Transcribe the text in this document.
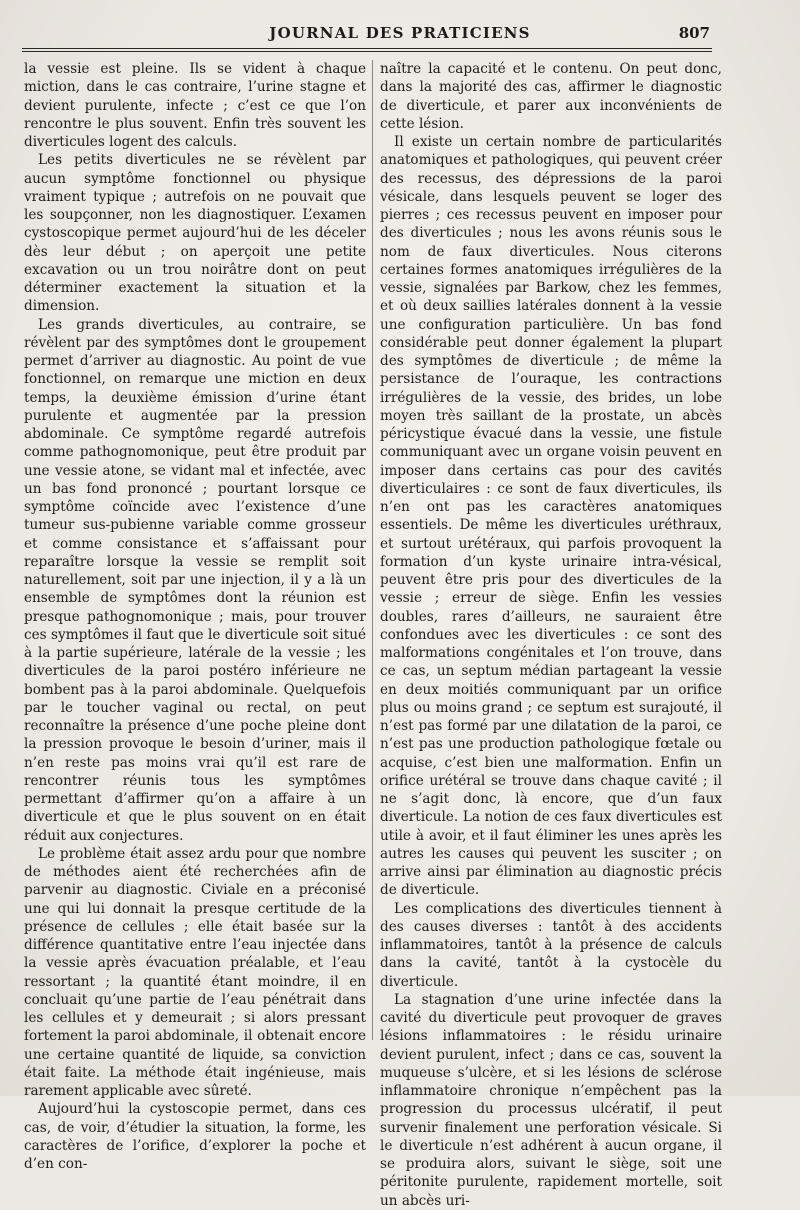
JOURNAL DES PRATICIENS	807

la vessie est pleine. Ils se vident à chaque miction, dans le cas contraire, l’urine stagne et devient purulente, infecte ; c’est ce que l’on rencontre le plus souvent. Enfin très souvent les diverticules logent des calculs.

Les petits diverticules ne se révèlent par aucun symptôme fonctionnel ou physique vraiment typique ; autrefois on ne pouvait que les soupçonner, non les diagnostiquer. L’examen cystoscopique permet aujourd’hui de les déceler dès leur début ; on aperçoit une petite excavation ou un trou noirâtre dont on peut déterminer exactement la situation et la dimension.

Les grands diverticules, au contraire, se révèlent par des symptômes dont le groupement permet d’arriver au diagnostic. Au point de vue fonctionnel, on remarque une miction en deux temps, la deuxième émission d’urine étant purulente et augmentée par la pression abdominale. Ce symptôme regardé autrefois comme pathognomonique, peut être produit par une vessie atone, se vidant mal et infectée, avec un bas fond prononcé ; pourtant lorsque ce symptôme coïncide avec l’existence d’une tumeur sus-pubienne variable comme grosseur et comme consistance et s’affaissant pour reparaître lorsque la vessie se remplit soit naturellement, soit par une injection, il y a là un ensemble de symptômes dont la réunion est presque pathognomonique ; mais, pour trouver ces symptômes il faut que le diverticule soit situé à la partie supérieure, latérale de la vessie ; les diverticules de la paroi postéro inférieure ne bombent pas à la paroi abdominale. Quelquefois par le toucher vaginal ou rectal, on peut reconnaître la présence d’une poche pleine dont la pression provoque le besoin d’uriner, mais il n’en reste pas moins vrai qu’il est rare de rencontrer réunis tous les symptômes permettant d’affirmer qu’on a affaire à un diverticule et que le plus souvent on en était réduit aux conjectures.

Le problème était assez ardu pour que nombre de méthodes aient été recherchées afin de parvenir au diagnostic. Civiale en a préconisé une qui lui donnait la presque certitude de la présence de cellules ; elle était basée sur la différence quantitative entre l’eau injectée dans la vessie après évacuation préalable, et l’eau ressortant ; la quantité étant moindre, il en concluait qu’une partie de l’eau pénétrait dans les cellules et y demeurait ; si alors pressant fortement la paroi abdominale, il obtenait encore une certaine quantité de liquide, sa conviction était faite. La méthode était ingénieuse, mais rarement applicable avec sûreté.

Aujourd’hui la cystoscopie permet, dans ces cas, de voir, d’étudier la situation, la forme, les caractères de l’orifice, d’explorer la poche et d’en con-

naître la capacité et le contenu. On peut donc, dans la majorité des cas, affirmer le diagnostic de diverticule, et parer aux inconvénients de cette lésion.

Il existe un certain nombre de particularités anatomiques et pathologiques, qui peuvent créer des recessus, des dépressions de la paroi vésicale, dans lesquels peuvent se loger des pierres ; ces recessus peuvent en imposer pour des diverticules ; nous les avons réunis sous le nom de faux diverticules. Nous citerons certaines formes anatomiques irrégulières de la vessie, signalées par Barkow, chez les femmes, et où deux saillies latérales donnent à la vessie une configuration particulière. Un bas fond considérable peut donner également la plupart des symptômes de diverticule ; de même la persistance de l’ouraque, les contractions irrégulières de la vessie, des brides, un lobe moyen très saillant de la prostate, un abcès péricystique évacué dans la vessie, une fistule communiquant avec un organe voisin peuvent en imposer dans certains cas pour des cavités diverticulaires : ce sont de faux diverticules, ils n’en ont pas les caractères anatomiques essentiels. De même les diverticules uréthraux, et surtout urétéraux, qui parfois provoquent la formation d’un kyste urinaire intra-vésical, peuvent être pris pour des diverticules de la vessie ; erreur de siège. Enfin les vessies doubles, rares d’ailleurs, ne sauraient être confondues avec les diverticules : ce sont des malformations congénitales et l’on trouve, dans ce cas, un septum médian partageant la vessie en deux moitiés communiquant par un orifice plus ou moins grand ; ce septum est surajouté, il n’est pas formé par une dilatation de la paroi, ce n’est pas une production pathologique fœtale ou acquise, c’est bien une malformation. Enfin un orifice urétéral se trouve dans chaque cavité ; il ne s’agit donc, là encore, que d’un faux diverticule. La notion de ces faux diverticules est utile à avoir, et il faut éliminer les unes après les autres les causes qui peuvent les susciter ; on arrive ainsi par élimination au diagnostic précis de diverticule.

Les complications des diverticules tiennent à des causes diverses : tantôt à des accidents inflammatoires, tantôt à la présence de calculs dans la cavité, tantôt à la cystocèle du diverticule.

La stagnation d’une urine infectée dans la cavité du diverticule peut provoquer de graves lésions inflammatoires : le résidu urinaire devient purulent, infect ; dans ce cas, souvent la muqueuse s’ulcère, et si les lésions de sclérose inflammatoire chronique n’empêchent pas la progression du processus ulcératif, il peut survenir finalement une perforation vésicale. Si le diverticule n’est adhérent à aucun organe, il se produira alors, suivant le siège, soit une péritonite purulente, rapidement mortelle, soit un abcès uri-
